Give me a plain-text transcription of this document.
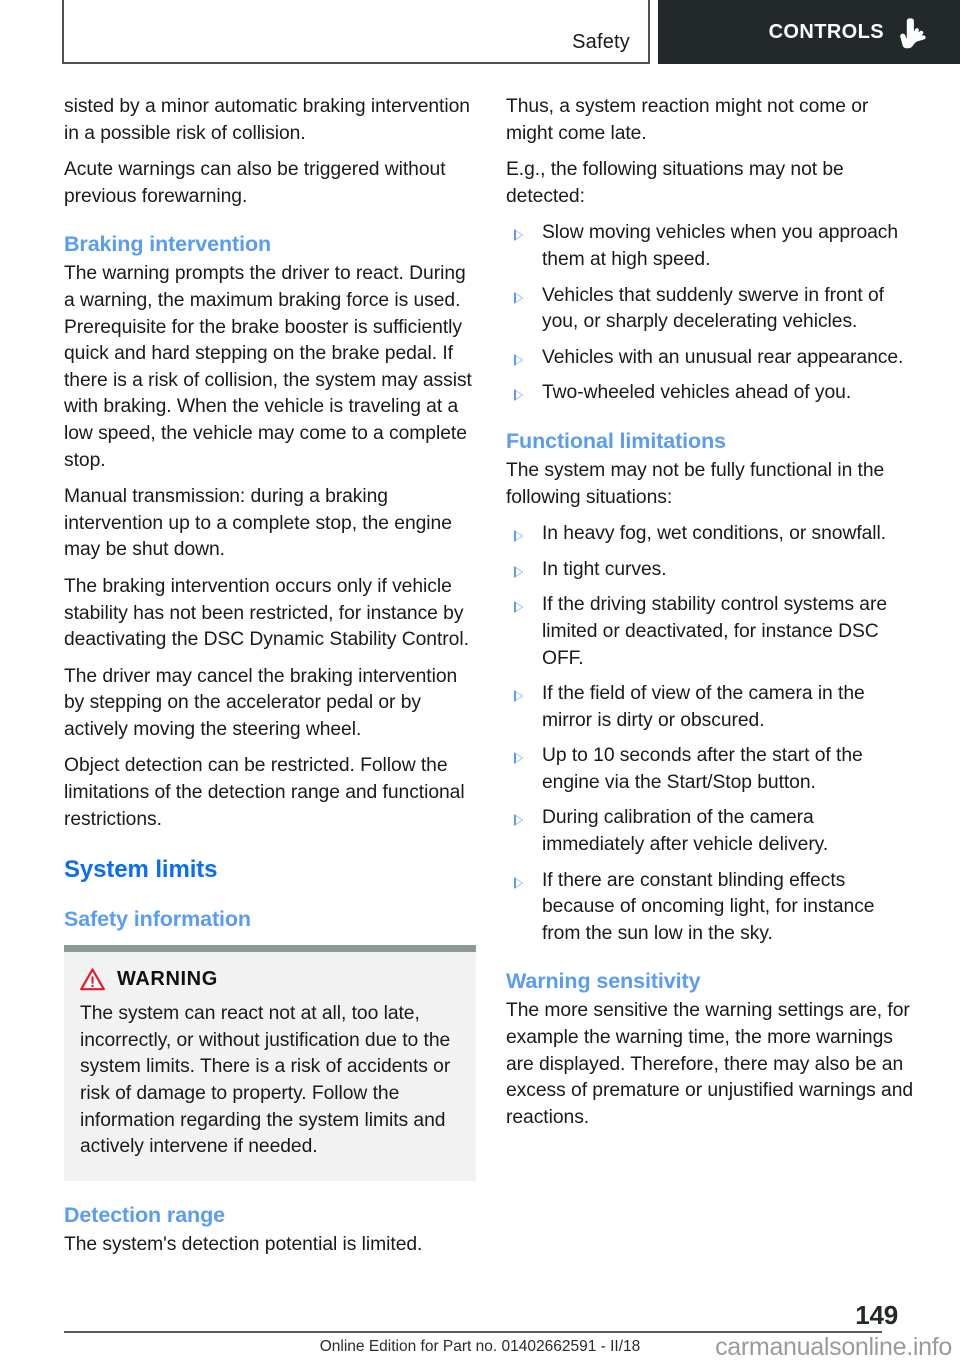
Safety	CONTROLS

sisted by a minor automatic braking intervention in a possible risk of collision.

Acute warnings can also be triggered without previous forewarning.

Braking intervention

The warning prompts the driver to react. During a warning, the maximum braking force is used. Prerequisite for the brake booster is sufficiently quick and hard stepping on the brake pedal. If there is a risk of collision, the system may assist with braking. When the vehicle is traveling at a low speed, the vehicle may come to a complete stop.

Manual transmission: during a braking intervention up to a complete stop, the engine may be shut down.

The braking intervention occurs only if vehicle stability has not been restricted, for instance by deactivating the DSC Dynamic Stability Control.

The driver may cancel the braking intervention by stepping on the accelerator pedal or by actively moving the steering wheel.

Object detection can be restricted. Follow the limitations of the detection range and functional restrictions.

System limits
Safety information
WARNING

The system can react not at all, too late, incorrectly, or without justification due to the system limits. There is a risk of accidents or risk of damage to property. Follow the information regarding the system limits and actively intervene if needed.

Detection range

The system's detection potential is limited.

Thus, a system reaction might not come or might come late.

E.g., the following situations may not be detected:

Slow moving vehicles when you approach them at high speed.
Vehicles that suddenly swerve in front of you, or sharply decelerating vehicles.
Vehicles with an unusual rear appearance.
Two-wheeled vehicles ahead of you.
Functional limitations

The system may not be fully functional in the following situations:

In heavy fog, wet conditions, or snowfall.
In tight curves.
If the driving stability control systems are limited or deactivated, for instance DSC OFF.
If the field of view of the camera in the mirror is dirty or obscured.
Up to 10 seconds after the start of the engine via the Start/Stop button.
During calibration of the camera immediately after vehicle delivery.
If there are constant blinding effects because of oncoming light, for instance from the sun low in the sky.
Warning sensitivity

The more sensitive the warning settings are, for example the warning time, the more warnings are displayed. Therefore, there may also be an excess of premature or unjustified warnings and reactions.

149
Online Edition for Part no. 01402662591 - II/18	carmanualsonline.info
